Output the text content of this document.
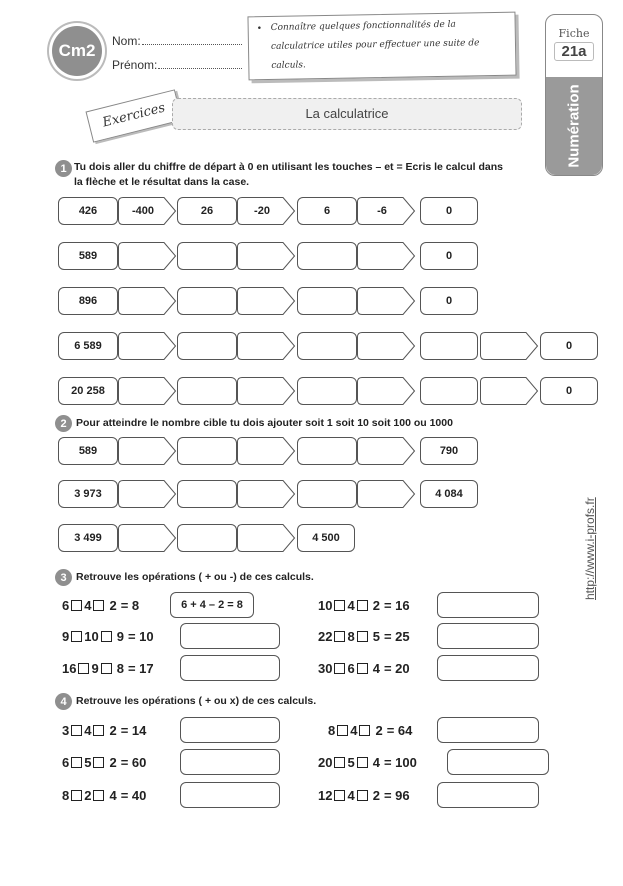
Cm2 Nom:
Prénom:
• Connaître quelques fonctionnalités de la
calculatrice utiles pour effectuer une suite de
calculs.
Fiche
21a
Numération
Exercices	La calculatrice
1 Tu dois aller du chiffre de départ à 0 en utilisant les touches – et = Ecris le calcul dans
la flèche et le résultat dans la case.
426	-400	26	-20	6	-6	0
589	0
896	0
6 589	0
20 258	0
2 Pour atteindre le nombre cible tu dois ajouter soit 1 soit 10 soit 100 ou 1000
589	790
3 973	4 084
3 499	4 500
3 Retrouve les opérations ( + ou -) de ces calculs.
6 4 2 = 8	6 + 4 – 2 = 8
9 10 9 = 10
16 9 8 = 17
10 4 2 = 16
22 8 5 = 25
30 6 4 = 20
4 Retrouve les opérations ( + ou x) de ces calculs.
3 4 2 = 14
6 5 2 = 60
8 2 4 = 40
8 4 2 = 64
20 5 4 = 100
12 4 2 = 96
http://www.i-profs.fr
